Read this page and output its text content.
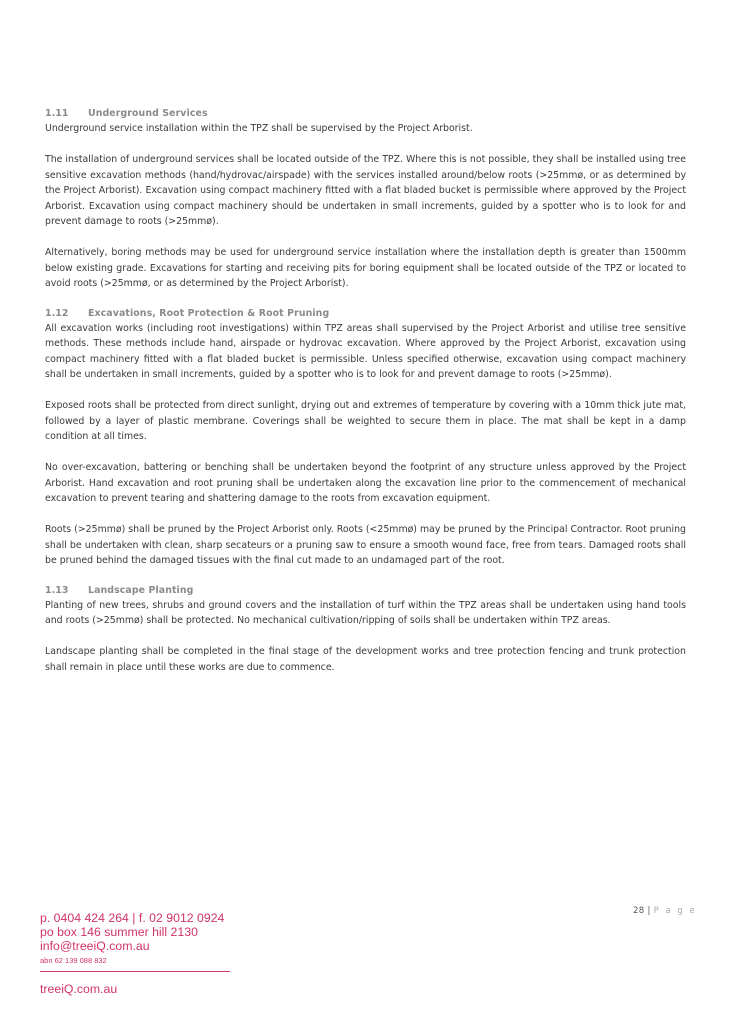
1.11 Underground Services

Underground service installation within the TPZ shall be supervised by the Project Arborist.

The installation of underground services shall be located outside of the TPZ. Where this is not possible, they shall be installed using tree sensitive excavation methods (hand/hydrovac/airspade) with the services installed around/below roots (>25mmø, or as determined by the Project Arborist). Excavation using compact machinery fitted with a flat bladed bucket is permissible where approved by the Project Arborist. Excavation using compact machinery should be undertaken in small increments, guided by a spotter who is to look for and prevent damage to roots (>25mmø).

Alternatively, boring methods may be used for underground service installation where the installation depth is greater than 1500mm below existing grade. Excavations for starting and receiving pits for boring equipment shall be located outside of the TPZ or located to avoid roots (>25mmø, or as determined by the Project Arborist).

1.12 Excavations, Root Protection & Root Pruning

All excavation works (including root investigations) within TPZ areas shall supervised by the Project Arborist and utilise tree sensitive methods. These methods include hand, airspade or hydrovac excavation. Where approved by the Project Arborist, excavation using compact machinery fitted with a flat bladed bucket is permissible. Unless specified otherwise, excavation using compact machinery shall be undertaken in small increments, guided by a spotter who is to look for and prevent damage to roots (>25mmø).

Exposed roots shall be protected from direct sunlight, drying out and extremes of temperature by covering with a 10mm thick jute mat, followed by a layer of plastic membrane. Coverings shall be weighted to secure them in place. The mat shall be kept in a damp condition at all times.

No over-excavation, battering or benching shall be undertaken beyond the footprint of any structure unless approved by the Project Arborist. Hand excavation and root pruning shall be undertaken along the excavation line prior to the commencement of mechanical excavation to prevent tearing and shattering damage to the roots from excavation equipment.

Roots (>25mmø) shall be pruned by the Project Arborist only. Roots (<25mmø) may be pruned by the Principal Contractor. Root pruning shall be undertaken with clean, sharp secateurs or a pruning saw to ensure a smooth wound face, free from tears. Damaged roots shall be pruned behind the damaged tissues with the final cut made to an undamaged part of the root.

1.13 Landscape Planting

Planting of new trees, shrubs and ground covers and the installation of turf within the TPZ areas shall be undertaken using hand tools and roots (>25mmø) shall be protected. No mechanical cultivation/ripping of soils shall be undertaken within TPZ areas.

Landscape planting shall be completed in the final stage of the development works and tree protection fencing and trunk protection shall remain in place until these works are due to commence.

28 | P a g e
p. 0404 424 264 | f. 02 9012 0924
po box 146 summer hill 2130
info@treeiQ.com.au
abn 62 139 088 832
treeiQ.com.au
